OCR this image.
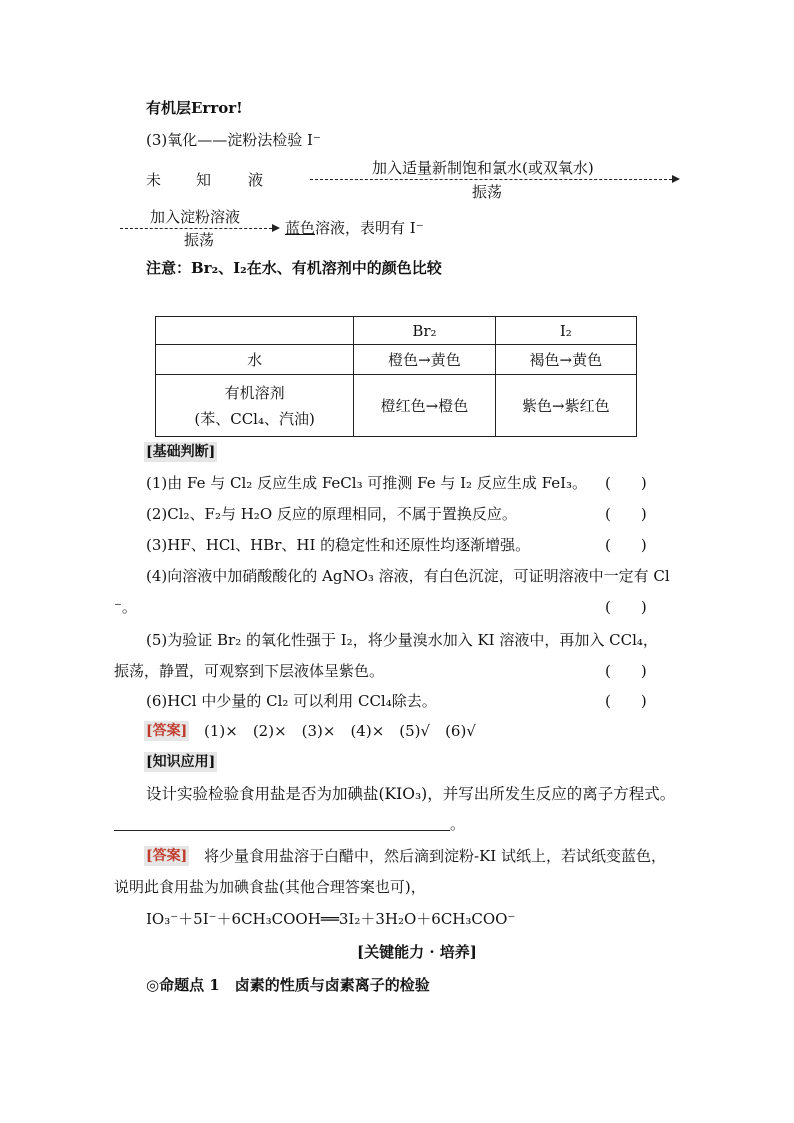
有机层Error!
(3)氧化——淀粉法检验 I⁻
未 知 液
加入适量新制饱和氯水(或双氧水)
振荡
加入淀粉溶液
振荡
蓝色溶液，表明有 I⁻
注意：Br₂、I₂在水、有机溶剂中的颜色比较
	Br₂	I₂
水	橙色→黄色	褐色→黄色

有机溶剂
(苯、CCl₄、汽油)	橙红色→橙色	紫色→紫红色
[基础判断]
(1)由 Fe 与 Cl₂ 反应生成 FeCl₃ 可推测 Fe 与 I₂ 反应生成 FeI₃。 (　　)
(2)Cl₂、F₂与 H₂O 反应的原理相同，不属于置换反应。	(　　)
(3)HF、HCl、HBr、HI 的稳定性和还原性均逐渐增强。	(　　)
(4)向溶液中加硝酸酸化的 AgNO₃ 溶液，有白色沉淀，可证明溶液中一定有 Cl
⁻。	(　　)
(5)为验证 Br₂ 的氧化性强于 I₂，将少量溴水加入 KI 溶液中，再加入 CCl₄，
振荡，静置，可观察到下层液体呈紫色。	(　　)
(6)HCl 中少量的 Cl₂ 可以利用 CCl₄除去。	(　　)
[答案] (1)×　(2)×　(3)×　(4)×　(5)√　(6)√
[知识应用]
设计实验检验食用盐是否为加碘盐(KIO₃)，并写出所发生反应的离子方程式。
。
[答案] 将少量食用盐溶于白醋中，然后滴到淀粉-KI 试纸上，若试纸变蓝色，
说明此食用盐为加碘食盐(其他合理答案也可)，
IO₃⁻＋5I⁻＋6CH₃COOH══3I₂＋3H₂O＋6CH₃COO⁻
[关键能力 · 培养]
◎命题点 1　卤素的性质与卤素离子的检验
